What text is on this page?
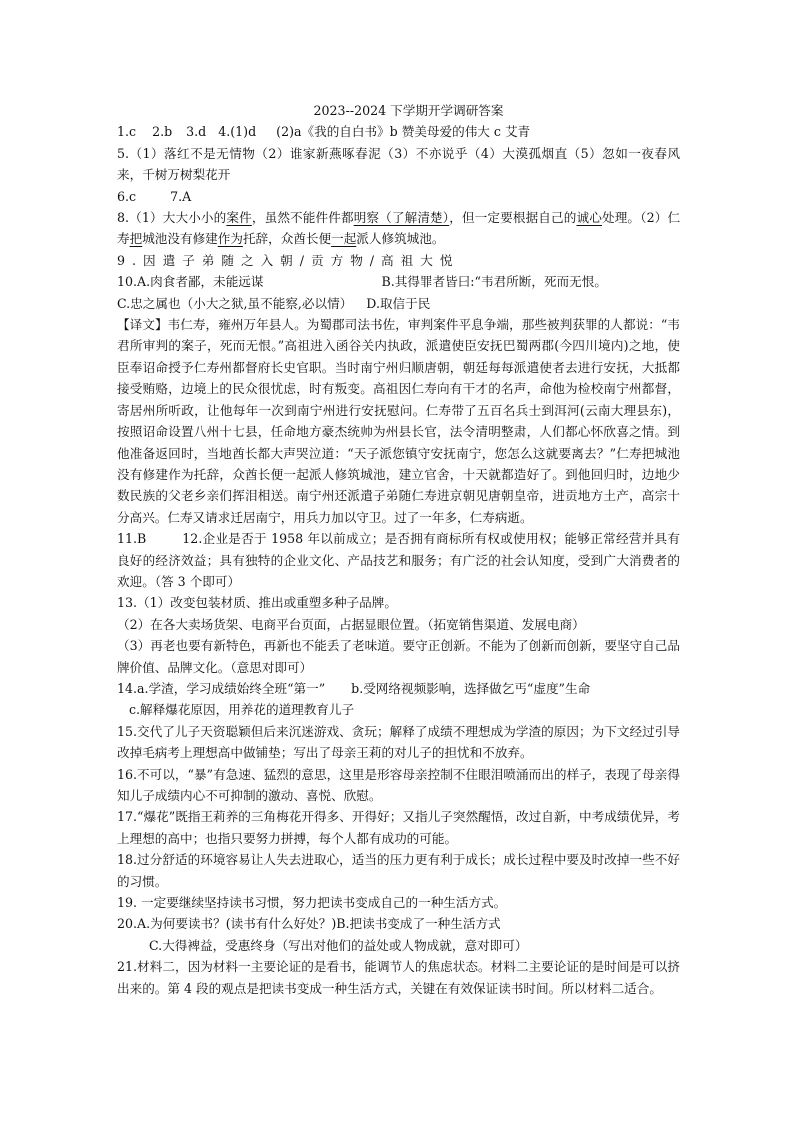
2023--2024 下学期开学调研答案
1.c 2.b 3.d 4.(1)d (2)a《我的自白书》b 赞美母爱的伟大 c 艾青
5.（1）落红不是无情物（2）谁家新燕啄春泥（3）不亦说乎（4）大漠孤烟直（5）忽如一夜春风来，千树万树梨花开
6.c	7.A
8.（1）大大小小的案件，虽然不能件件都明察（了解清楚），但一定要根据自己的诚心处理。（2）仁寿把城池没有修建作为托辞，众酋长便一起派人修筑城池。
9.因遣子弟随之入朝/贡方物/高祖大悦
10.A.肉食者鄙，未能远谋	B.其得罪者皆曰:“韦君所断，死而无恨。
C.忠之属也（小大之狱,虽不能察,必以情） D.取信于民
【译文】韦仁寿，雍州万年县人。为蜀郡司法书佐，审判案件平息争端，那些被判获罪的人都说：“韦君所审判的案子，死而无恨。”高祖进入函谷关内执政，派遣使臣安抚巴蜀两郡(今四川境内)之地，使臣奉诏命授予仁寿州都督府长史官职。当时南宁州归顺唐朝，朝廷每每派遣使者去进行安抚，大抵都接受贿赂，边境上的民众很忧虑，时有叛变。高祖因仁寿向有干才的名声，命他为检校南宁州都督，寄居州所听政，让他每年一次到南宁州进行安抚慰问。仁寿带了五百名兵士到洱河(云南大理县东)，按照诏命设置八州十七县，任命地方豪杰统帅为州县长官，法令清明整肃，人们都心怀欣喜之情。到他准备返回时，当地酋长都大声哭泣道：“天子派您镇守安抚南宁，您怎么这就要离去？”仁寿把城池没有修建作为托辞，众酋长便一起派人修筑城池，建立官舍，十天就都造好了。到他回归时，边地少数民族的父老乡亲们挥泪相送。南宁州还派遣子弟随仁寿进京朝见唐朝皇帝，进贡地方土产，高宗十分高兴。仁寿又请求迁居南宁，用兵力加以守卫。过了一年多，仁寿病逝。
11.B	12.企业是否于 1958 年以前成立；是否拥有商标所有权或使用权；能够正常经营并具有良好的经济效益；具有独特的企业文化、产品技艺和服务；有广泛的社会认知度，受到广大消费者的欢迎。（答 3 个即可）
13.（1）改变包装材质、推出或重塑多种子品牌。
（2）在各大卖场货架、电商平台页面，占据显眼位置。（拓宽销售渠道、发展电商）
（3）再老也要有新特色，再新也不能丢了老味道。要守正创新。不能为了创新而创新，要坚守自己品牌价值、品牌文化。（意思对即可）
14.a.学渣，学习成绩始终全班“第一” b.受网络视频影响，选择做乞丐“虚度”生命
c.解释爆花原因，用养花的道理教育儿子
15.交代了儿子天资聪颖但后来沉迷游戏、贪玩；解释了成绩不理想成为学渣的原因；为下文经过引导改掉毛病考上理想高中做铺垫；写出了母亲王莉的对儿子的担忧和不放弃。
16.不可以，“暴”有急速、猛烈的意思，这里是形容母亲控制不住眼泪喷涌而出的样子，表现了母亲得知儿子成绩内心不可抑制的激动、喜悦、欣慰。
17.“爆花”既指王莉养的三角梅花开得多、开得好；又指儿子突然醒悟，改过自新，中考成绩优异，考上理想的高中；也指只要努力拼搏，每个人都有成功的可能。
18.过分舒适的环境容易让人失去进取心，适当的压力更有利于成长；成长过程中要及时改掉一些不好的习惯。
19. 一定要继续坚持读书习惯，努力把读书变成自己的一种生活方式。
20.A.为何要读书？(读书有什么好处？)B.把读书变成了一种生活方式
C.大得裨益，受惠终身（写出对他们的益处或人物成就，意对即可）
21.材料二，因为材料一主要论证的是看书，能调节人的焦虑状态。材料二主要论证的是时间是可以挤出来的。第 4 段的观点是把读书变成一种生活方式，关键在有效保证读书时间。所以材料二适合。
